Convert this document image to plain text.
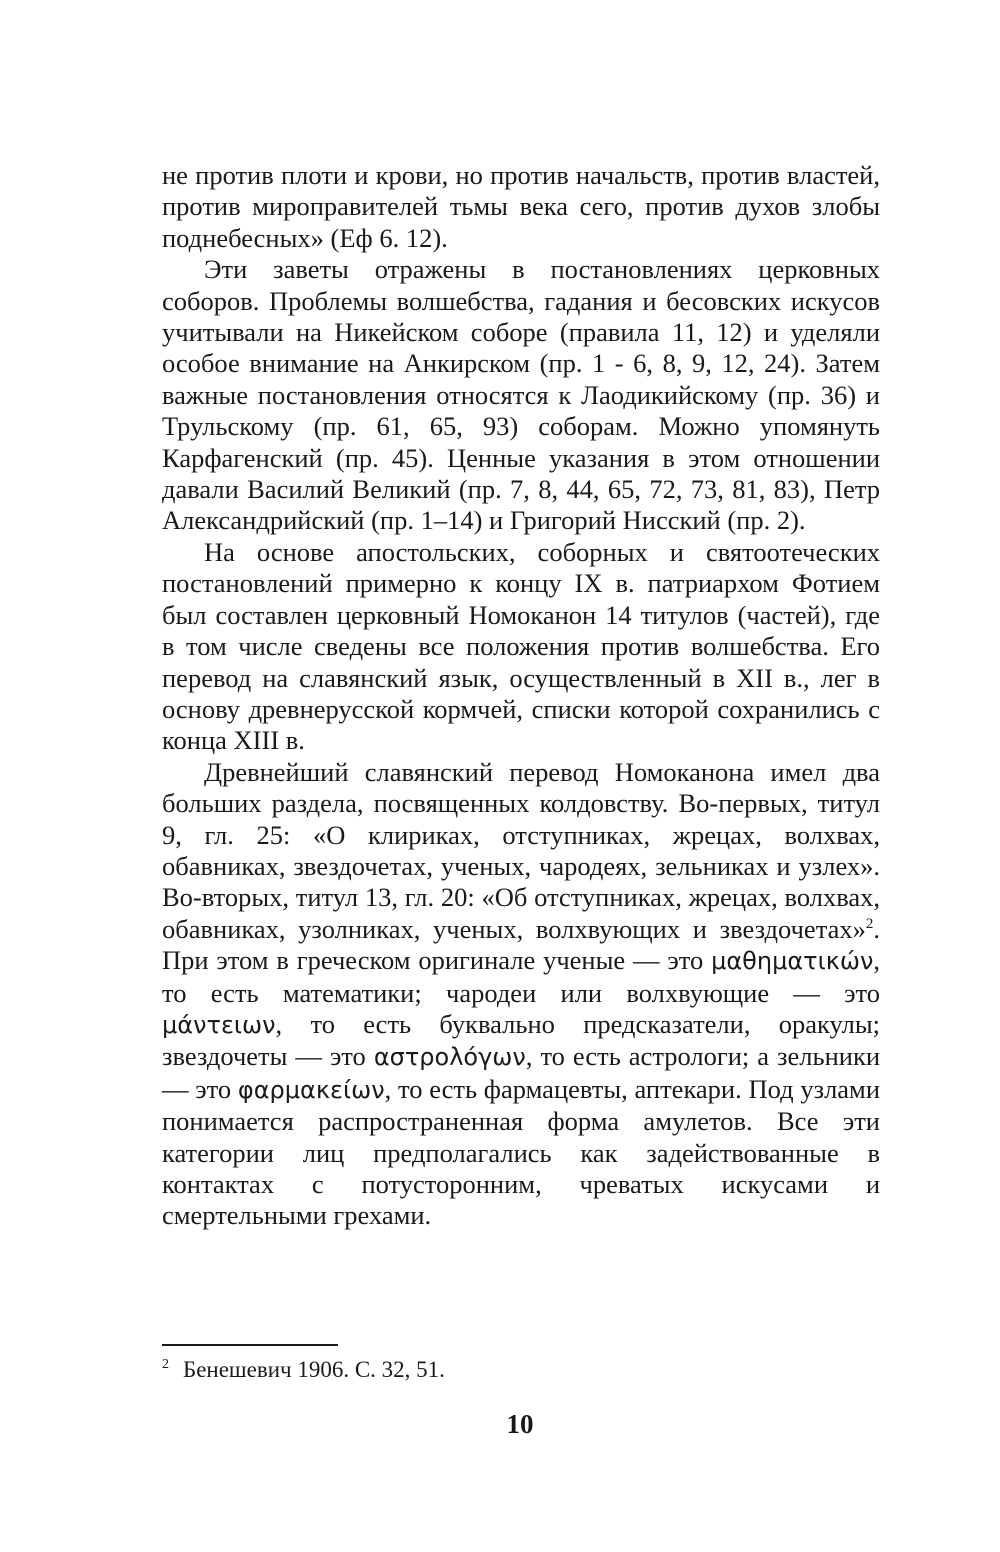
не против плоти и крови, но против начальств, против властей, против мироправителей тьмы века сего, против духов злобы поднебесных» (Еф 6. 12).

Эти заветы отражены в постановлениях церковных соборов. Проблемы волшебства, гадания и бесовских искусов учитывали на Никейском соборе (правила 11, 12) и уделяли особое внимание на Анкирском (пр. 1 - 6, 8, 9, 12, 24). Затем важные постановления относятся к Лаодикийскому (пр. 36) и Трульскому (пр. 61, 65, 93) соборам. Можно упомянуть Карфагенский (пр. 45). Ценные указания в этом отношении давали Василий Великий (пр. 7, 8, 44, 65, 72, 73, 81, 83), Петр Александрийский (пр. 1–14) и Григорий Нисский (пр. 2).

На основе апостольских, соборных и святоотеческих постановлений примерно к концу IX в. патриархом Фотием был составлен церковный Номоканон 14 титулов (частей), где в том числе сведены все положения против волшебства. Его перевод на славянский язык, осуществленный в XII в., лег в основу древнерусской кормчей, списки которой сохранились с конца XIII в.

Древнейший славянский перевод Номоканона имел два больших раздела, посвященных колдовству. Во-первых, титул 9, гл. 25: «О клириках, отступниках, жрецах, волхвах, обавниках, звездочетах, ученых, чародеях, зельниках и узлех». Во-вторых, титул 13, гл. 20: «Об отступниках, жрецах, волхвах, обавниках, узолниках, ученых, волхвующих и звездочетах»$^2$. При этом в греческом оригинале ученые — это μαθηματικών, то есть математики; чародеи или волхвующие — это μάντειων, то есть буквально предсказатели, оракулы; звездочеты — это αστρολόγων, то есть астрологи; а зельники — это φαρμακείων, то есть фармацевты, аптекари. Под узлами понимается распространенная форма амулетов. Все эти категории лиц предполагались как задействованные в контактах с потусторонним, чреватых искусами и смертельными грехами.

$^2$ Бенешевич 1906. С. 32, 51.
10
